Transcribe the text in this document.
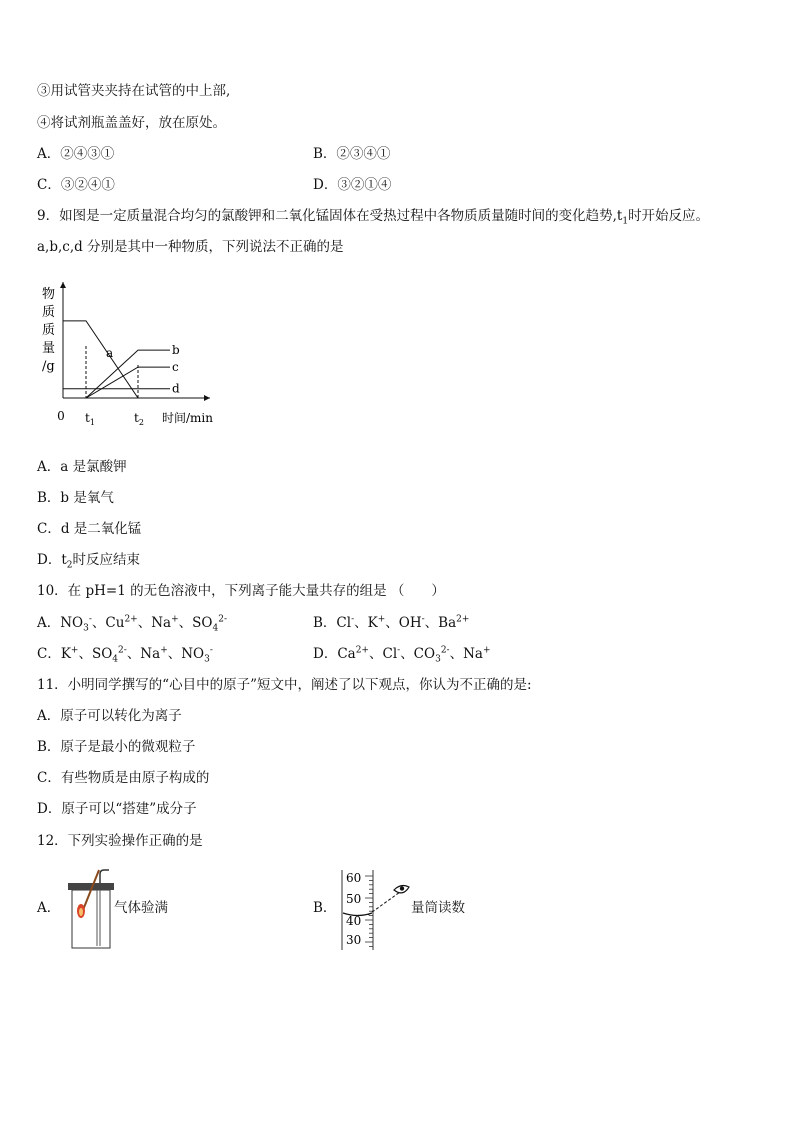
③用试管夹夹持在试管的中上部,
④将试剂瓶盖盖好，放在原处。
A．②④③①	B．②③④①
C．③②④①	D．③②①④
9．如图是一定质量混合均匀的氯酸钾和二氧化锰固体在受热过程中各物质质量随时间的变化趋势$,t_1$时开始反应。
a,b,c,d 分别是其中一种物质，下列说法不正确的是
物
质
质
量
/g
0 $t_1$	$t_2$ 时间/min
a	b
c
d
A．a 是氯酸钾
B．b 是氧气
C．d 是二氧化锰
D．$t_2$时反应结束
10．在 pH=1 的无色溶液中，下列离子能大量共存的组是 （　　）
A．$NO_3^-$、$Cu^{2+}$、Na+、$SO_4^{2-}$	B．Cl-、K+、OH-、$Ba^{2+}$
C．K+、$SO_4^{2-}$、Na+、$NO_3^-$	D．$Ca^{2+}$、Cl-、$CO_3^{2-}$、Na+
11．小明同学撰写的“心目中的原子”短文中，阐述了以下观点，你认为不正确的是:
A．原子可以转化为离子
B．原子是最小的微观粒子
C．有些物质是由原子构成的
D．原子可以“搭建”成分子
12．下列实验操作正确的是
A．	气体验满	B．
60
50
40
30
量筒读数
